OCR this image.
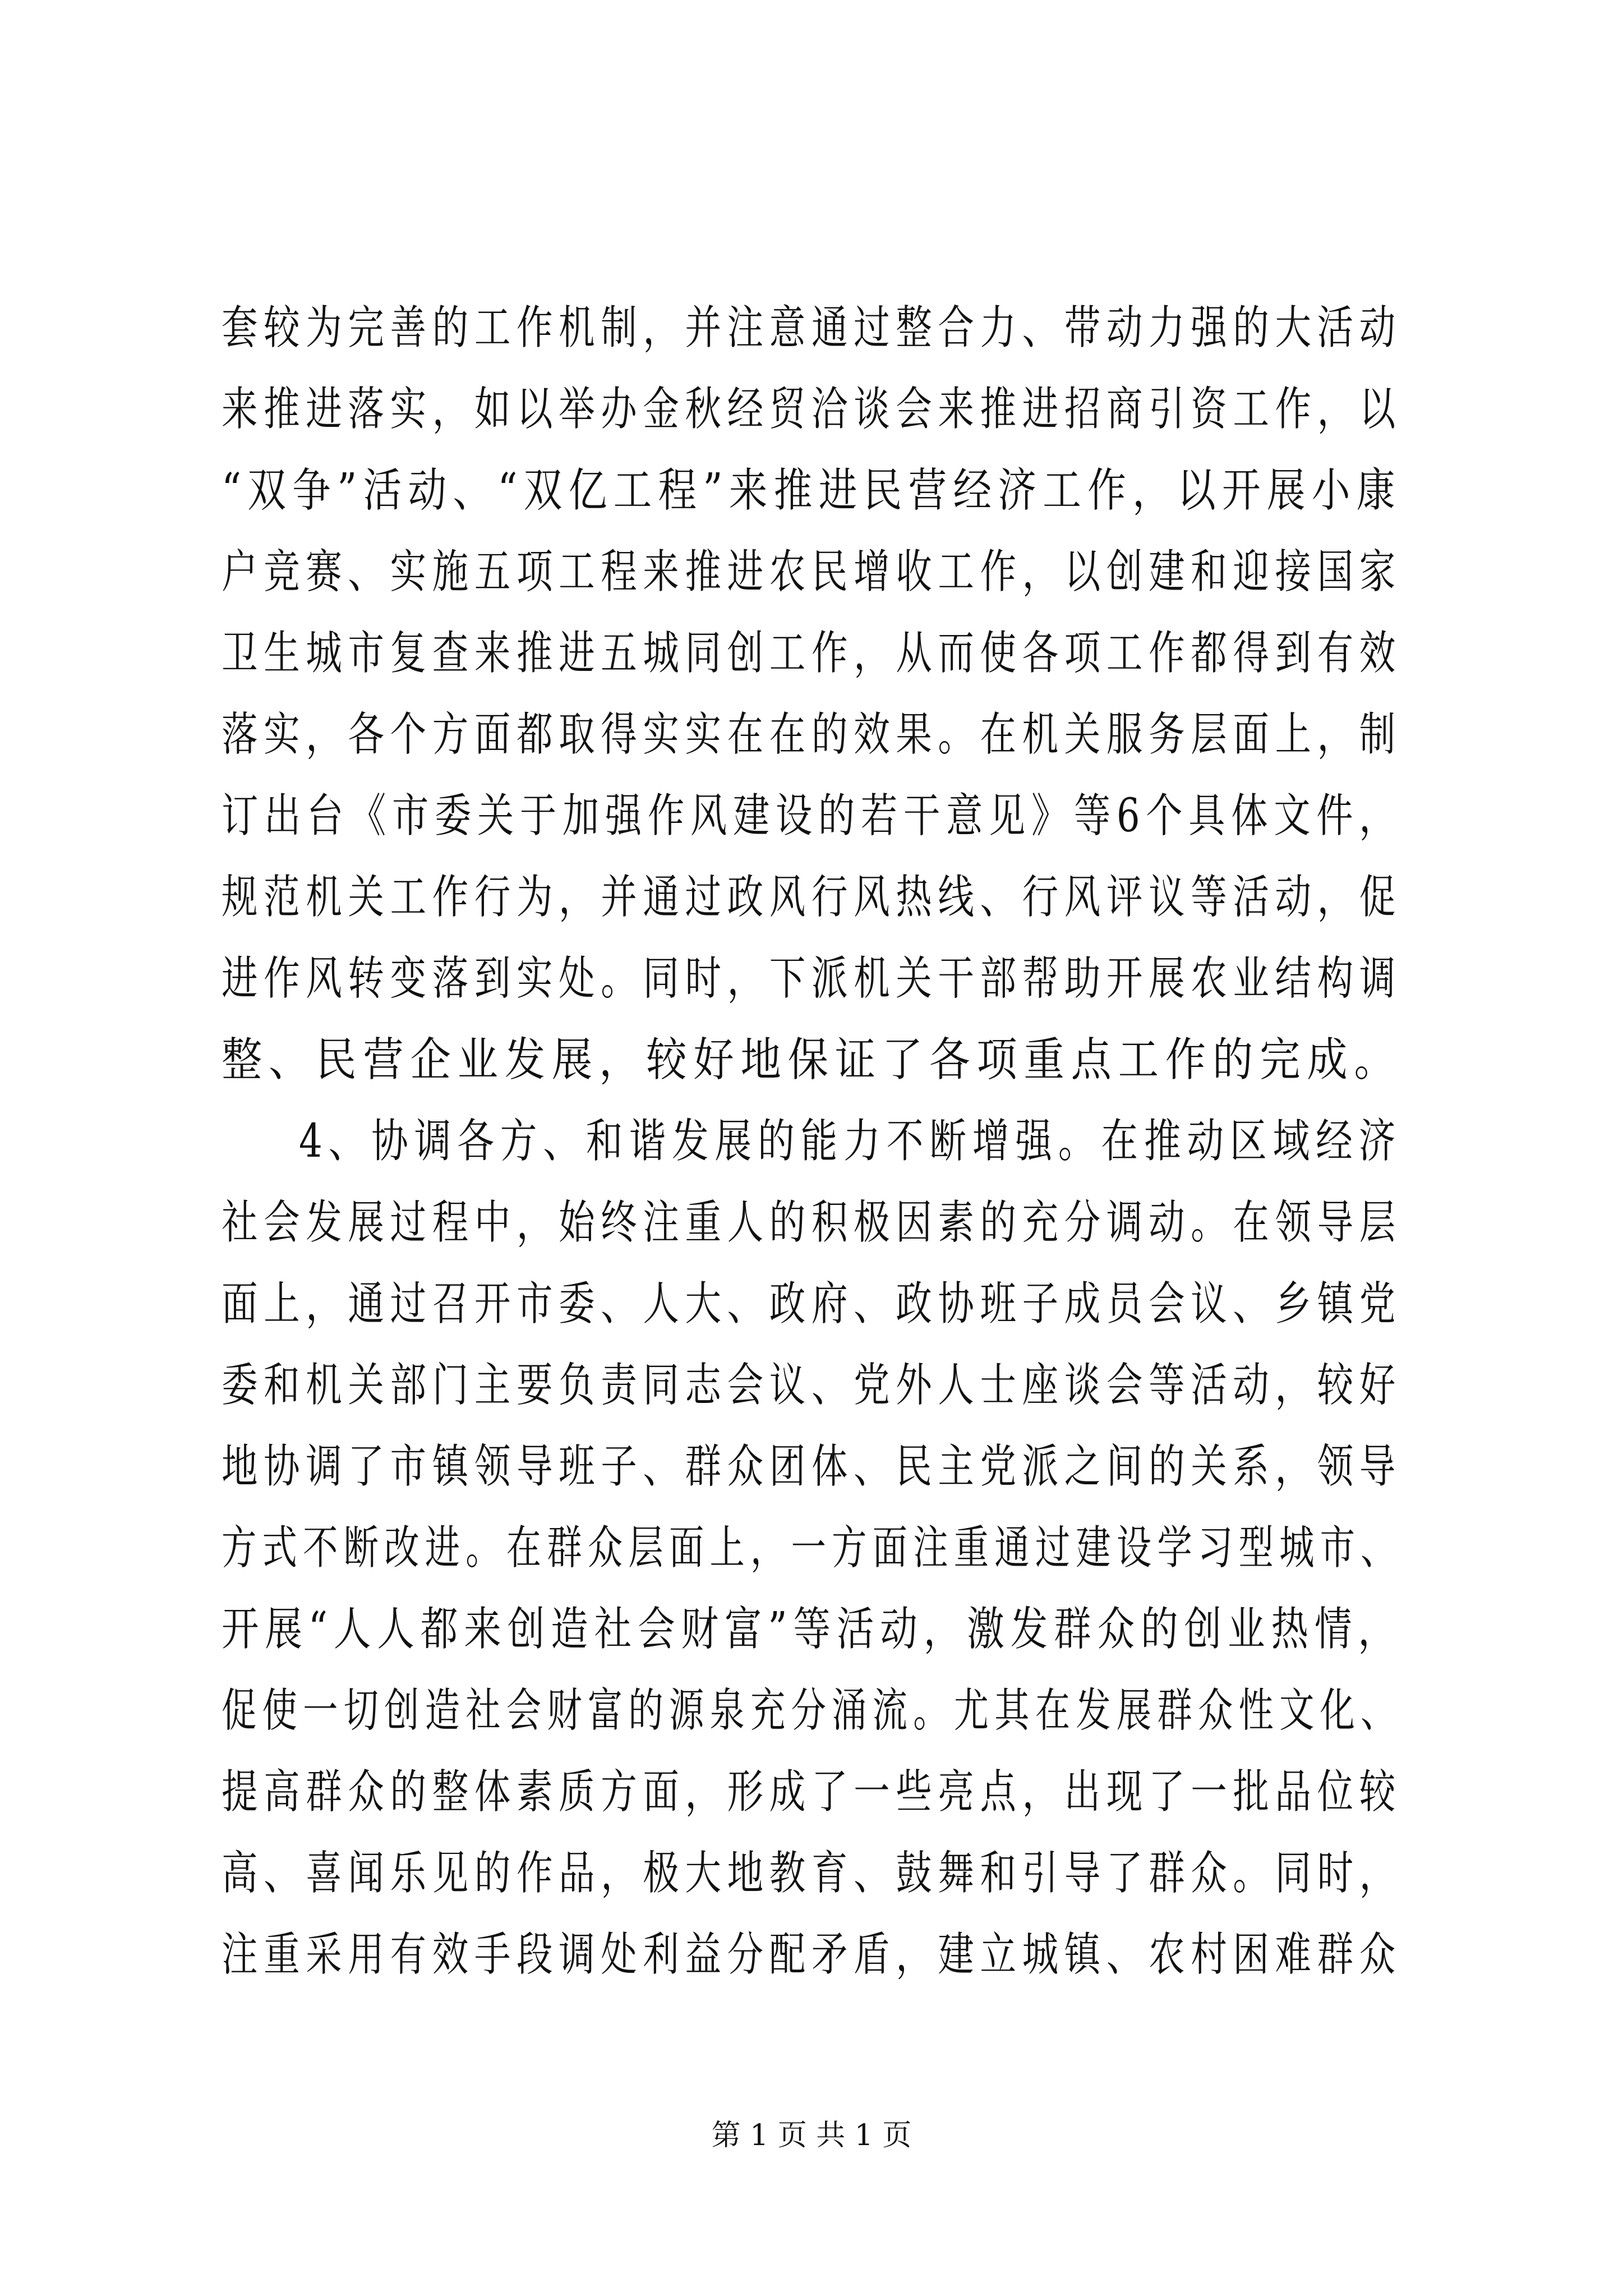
套较为完善的工作机制，并注意通过整合力、带动力强的大活动

来推进落实，如以举办金秋经贸洽谈会来推进招商引资工作，以

“双争”活动、“双亿工程”来推进民营经济工作，以开展小康

户竞赛、实施五项工程来推进农民增收工作，以创建和迎接国家

卫生城市复查来推进五城同创工作，从而使各项工作都得到有效

落实，各个方面都取得实实在在的效果。在机关服务层面上，制

订出台《市委关于加强作风建设的若干意见》等6个具体文件，

规范机关工作行为，并通过政风行风热线、行风评议等活动，促

进作风转变落到实处。同时，下派机关干部帮助开展农业结构调

整、民营企业发展，较好地保证了各项重点工作的完成。

4、协调各方、和谐发展的能力不断增强。在推动区域经济

社会发展过程中，始终注重人的积极因素的充分调动。在领导层

面上，通过召开市委、人大、政府、政协班子成员会议、乡镇党

委和机关部门主要负责同志会议、党外人士座谈会等活动，较好

地协调了市镇领导班子、群众团体、民主党派之间的关系，领导

方式不断改进。在群众层面上，一方面注重通过建设学习型城市、

开展“人人都来创造社会财富”等活动，激发群众的创业热情，

促使一切创造社会财富的源泉充分涌流。尤其在发展群众性文化、

提高群众的整体素质方面，形成了一些亮点，出现了一批品位较

高、喜闻乐见的作品，极大地教育、鼓舞和引导了群众。同时，

注重采用有效手段调处利益分配矛盾，建立城镇、农村困难群众

第 1 页 共 1 页
